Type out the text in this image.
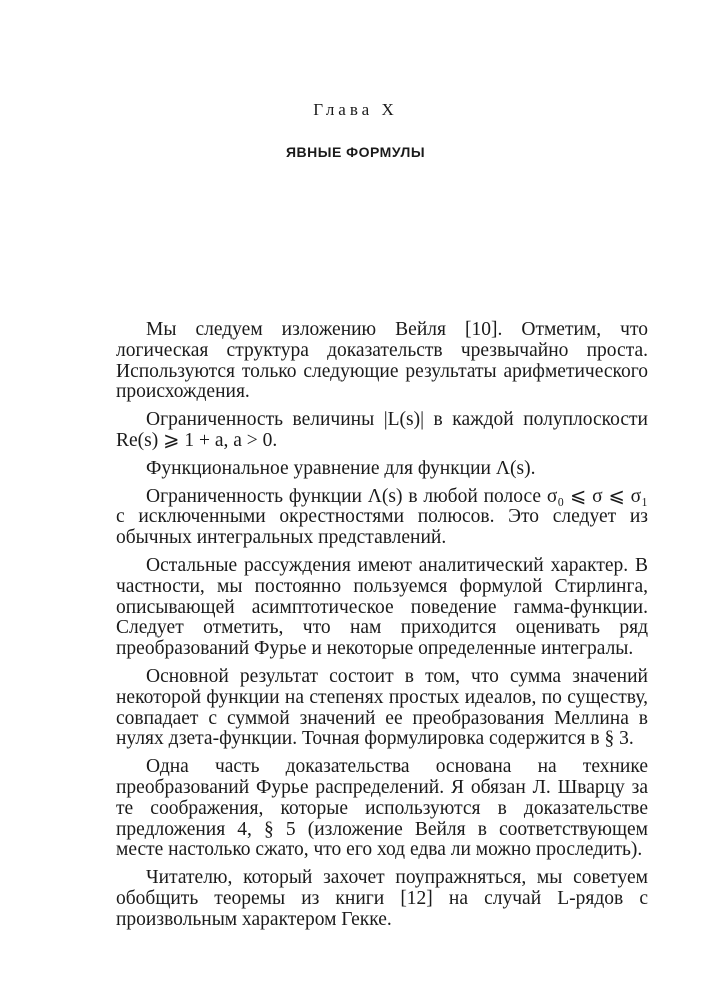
Глава X
ЯВНЫЕ ФОРМУЛЫ

Мы следуем изложению Вейля [10]. Отметим, что логическая структура доказательств чрезвычайно проста. Используются только следующие результаты арифметического происхождения.

Ограниченность величины |L(s)| в каждой полуплоскости Re(s) ⩾ 1 + a, a > 0.

Функциональное уравнение для функции Λ(s).

Ограниченность функции Λ(s) в любой полосе σ₀ ⩽ σ ⩽ σ₁ с исключенными окрестностями полюсов. Это следует из обычных интегральных представлений.

Остальные рассуждения имеют аналитический характер. В частности, мы постоянно пользуемся формулой Стирлинга, описывающей асимптотическое поведение гамма-функции. Следует отметить, что нам приходится оценивать ряд преобразований Фурье и некоторые определенные интегралы.

Основной результат состоит в том, что сумма значений некоторой функции на степенях простых идеалов, по существу, совпадает с суммой значений ее преобразования Меллина в нулях дзета-функции. Точная формулировка содержится в § 3.

Одна часть доказательства основана на технике преобразований Фурье распределений. Я обязан Л. Шварцу за те соображения, которые используются в доказательстве предложения 4, § 5 (изложение Вейля в соответствующем месте настолько сжато, что его ход едва ли можно проследить).

Читателю, который захочет поупражняться, мы советуем обобщить теоремы из книги [12] на случай L-рядов с произвольным характером Гекке.
